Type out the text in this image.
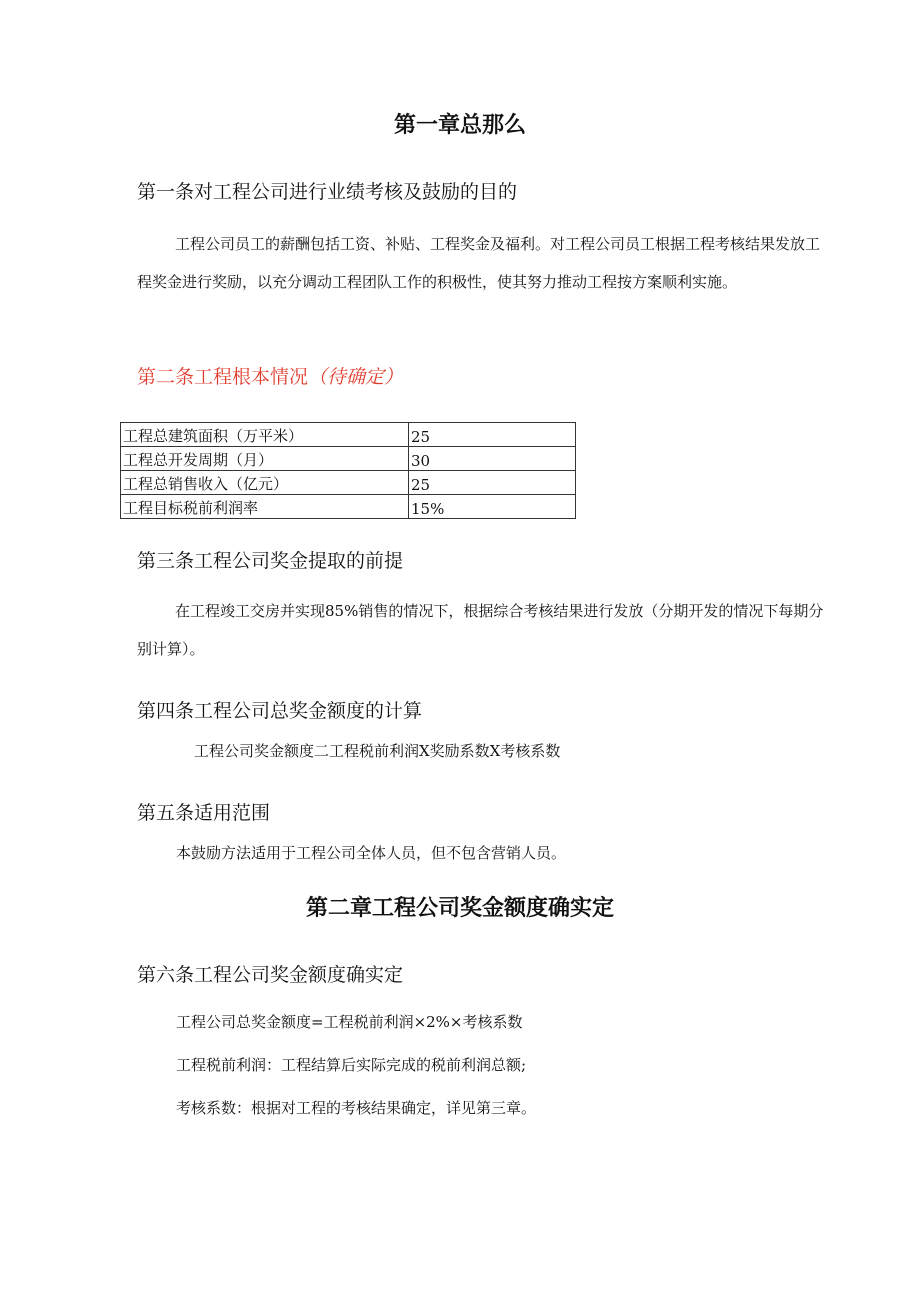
第一章总那么
第一条对工程公司进行业绩考核及鼓励的目的

工程公司员工的薪酬包括工资、补贴、工程奖金及福利。对工程公司员工根据工程考核结果发放工程奖金进行奖励，以充分调动工程团队工作的积极性，使其努力推动工程按方案顺利实施。

第二条工程根本情况（待确定）
工程总建筑面积（万平米）	25
工程总开发周期（月）	30
工程总销售收入（亿元）	25
工程目标税前利润率	15%
第三条工程公司奖金提取的前提

在工程竣工交房并实现85%销售的情况下，根据综合考核结果进行发放（分期开发的情况下每期分别计算）。

第四条工程公司总奖金额度的计算

工程公司奖金额度二工程税前利润X奖励系数X考核系数

第五条适用范围

本鼓励方法适用于工程公司全体人员，但不包含营销人员。

第二章工程公司奖金额度确实定
第六条工程公司奖金额度确实定

工程公司总奖金额度=工程税前利润×2%×考核系数

工程税前利润：工程结算后实际完成的税前利润总额;

考核系数：根据对工程的考核结果确定，详见第三章。
